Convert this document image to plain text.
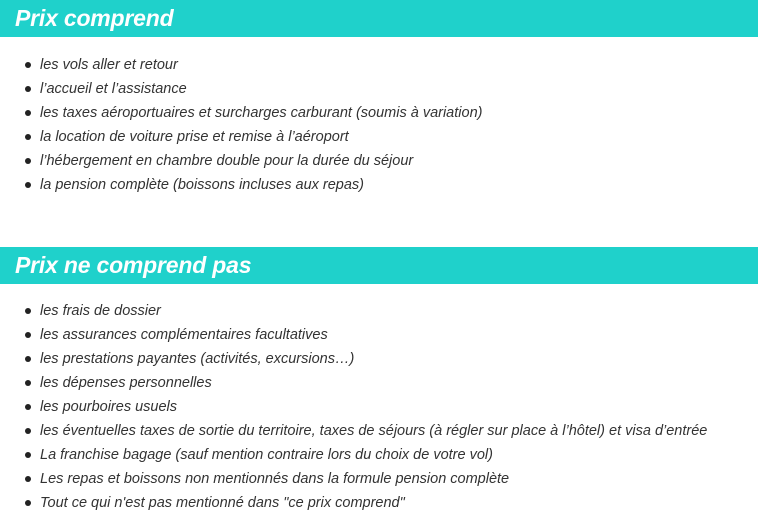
Prix comprend
les vols aller et retour
l’accueil et l’assistance
les taxes aéroportuaires et surcharges carburant (soumis à variation)
la location de voiture prise et remise à l’aéroport
l’hébergement en chambre double pour la durée du séjour
la pension complète (boissons incluses aux repas)
Prix ne comprend pas
les frais de dossier
les assurances complémentaires facultatives
les prestations payantes (activités, excursions…)
les dépenses personnelles
les pourboires usuels
les éventuelles taxes de sortie du territoire, taxes de séjours (à régler sur place à l’hôtel) et visa d’entrée
La franchise bagage (sauf mention contraire lors du choix de votre vol)
Les repas et boissons non mentionnés dans la formule pension complète
Tout ce qui n'est pas mentionné dans "ce prix comprend"
